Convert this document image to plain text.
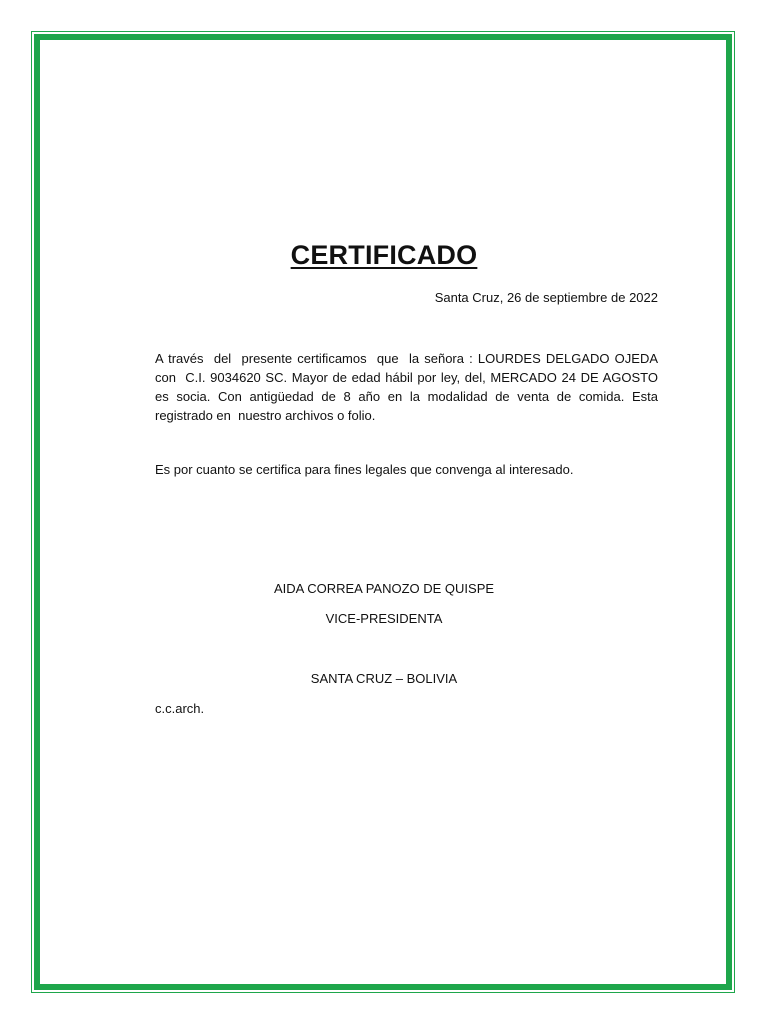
CERTIFICADO
Santa Cruz, 26 de septiembre de 2022

A través  del  presente certificamos  que  la señora : LOURDES DELGADO OJEDA  con  C.I. 9034620 SC. Mayor de edad hábil por ley, del, MERCADO 24 DE AGOSTO  es socia. Con antigüedad de 8 año en la modalidad de venta de comida. Esta registrado en  nuestro archivos o folio.

Es por cuanto se certifica para fines legales que convenga al interesado.

AIDA CORREA PANOZO DE QUISPE
VICE-PRESIDENTA
SANTA CRUZ – BOLIVIA
c.c.arch.
